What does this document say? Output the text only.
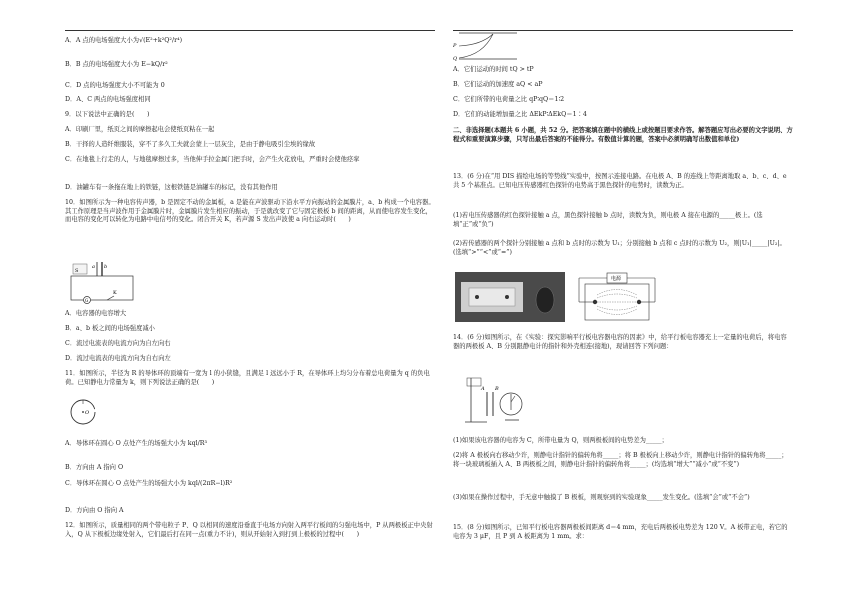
A．A 点的电场强度大小为√(E²+k²Q²/r⁴)
B．B 点的电场强度大小为 E−kQ/r²
C．D 点的电场强度大小不可能为 0
D．A、C 两点的电场强度相同
9．以下说法中正确的是(　　)
A．印刷厂里，纸页之间的摩擦起电会使纸页粘在一起
B．干择的人造纤维服装，穿不了多久工夫就会蒙上一层灰尘，是由于静电吸引尘埃的缘故
C．在地毯上行走的人，与地毯摩擦过多，当他伸手拉金属门把手时，会产生火花放电，严重时会使他痉挛
D．油罐车有一条拖在地上的铁链，这根铁链是油罐车的标记，没有其他作用
10．如图所示为一种电容传声器，b 是固定不动的金属板，a 是能在声波驱动下沿水平方向振动的金属膜片，a、b 构成一个电容器。其工作原理是当声波作用于金属膜片时，金属膜片发生相应的振动，于是就改变了它与固定极板 b 间的距离，从而使电容发生变化，而电容的变化可以转化为电路中电信号的变化。闭合开关 K，若声源 S 发出声波使 a 向右运动时(　　)
S
a b
G
K
A．电容器的电容增大
B．a、b 板之间的电场强度减小
C．流过电流表的电流方向为自左向右
D．流过电流表的电流方向为自右向左
11．如图所示，半径为 R 的导体环的顶端有一宽为 l 的小狭缝，且满足 l 远远小于 R，在导体环上均匀分布着总电荷量为 q 的负电荷。已知静电力常量为 k，则下列说法正确的是(　　)
O
A．导体环在圆心 O 点处产生的场强大小为 kql/R³
B．方向由 A 指向 O
C．导体环在圆心 O 点处产生的场强大小为 kql/(2πR−l)R²
D．方向由 O 指向 A
12．如图所示，质量相同的两个带电粒子 P、Q 以相同的速度沿垂直于电场方向射入两平行板间的匀强电场中，P 从两极板正中央射入，Q 从下极板边缘处射入，它们最后打在同一点(重力不计)，则从开始射入到打到上极板的过程中(　　)
P
Q
A．它们运动的时间 tQ > tP
B．它们运动的加速度 aQ < aP
C．它们所带的电荷量之比 qP∶qQ＝1∶2
D．它们的动能增加量之比 ΔEkP∶ΔEkQ＝1∶4
二、非选择题(本题共 6 小题，共 52 分。把答案填在题中的横线上或按题目要求作答。解答题应写出必要的文字说明、方程式和重要演算步骤，只写出最后答案的不能得分。有数值计算的题，答案中必须明确写出数值和单位)
13．(6 分)在“用 DIS 描绘电场的等势线”实验中，按图示连接电路。在电极 A、B 的连线上等距离地取 a、b、c、d、e 共 5 个基准点。已知电压传感器红色探针的电势高于黑色探针的电势时，读数为正。
(1)若电压传感器的红色探针接触 a 点，黑色探针接触 b 点时，读数为负，则电极 A 接在电源的_____极上。(选填“正”或“负”)
(2)若传感器的两个探针分别接触 a 点和 b 点时的示数为 U₁；分别接触 b 点和 c 点时的示数为 U₂，则|U₁|_____|U₂|。(选填“>”“<”或“=”)
电源
14．(6 分)如图所示，在《实验：探究影响平行板电容器电容的因素》中，给平行板电容器充上一定量的电荷后，将电容器的两极板 A、B 分别跟静电计的指针和外壳相连(接地)，现请回答下列问题：
A B
(1)如果该电容器的电容为 C，所带电量为 Q，则两极板间的电势差为_____；
(2)将 A 极板向右移动少许，则静电计指针的偏转角将_____；将 B 极板向上移动少许，则静电计指针的偏转角将_____；将一块玻璃板插入 A、B 两极板之间，则静电计指针的偏转角将_____；(均选填“增大”“减小”或“不变”)
(3)如果在操作过程中，手无意中触摸了 B 极板，则观察到的实验现象_____发生变化。(选填“会”或“不会”)
15．(8 分)如图所示，已知平行板电容器两极板间距离 d＝4 mm，充电后两极板电势差为 120 V。A 板带正电，若它的电容为 3 μF，且 P 到 A 板距离为 1 mm。求：
